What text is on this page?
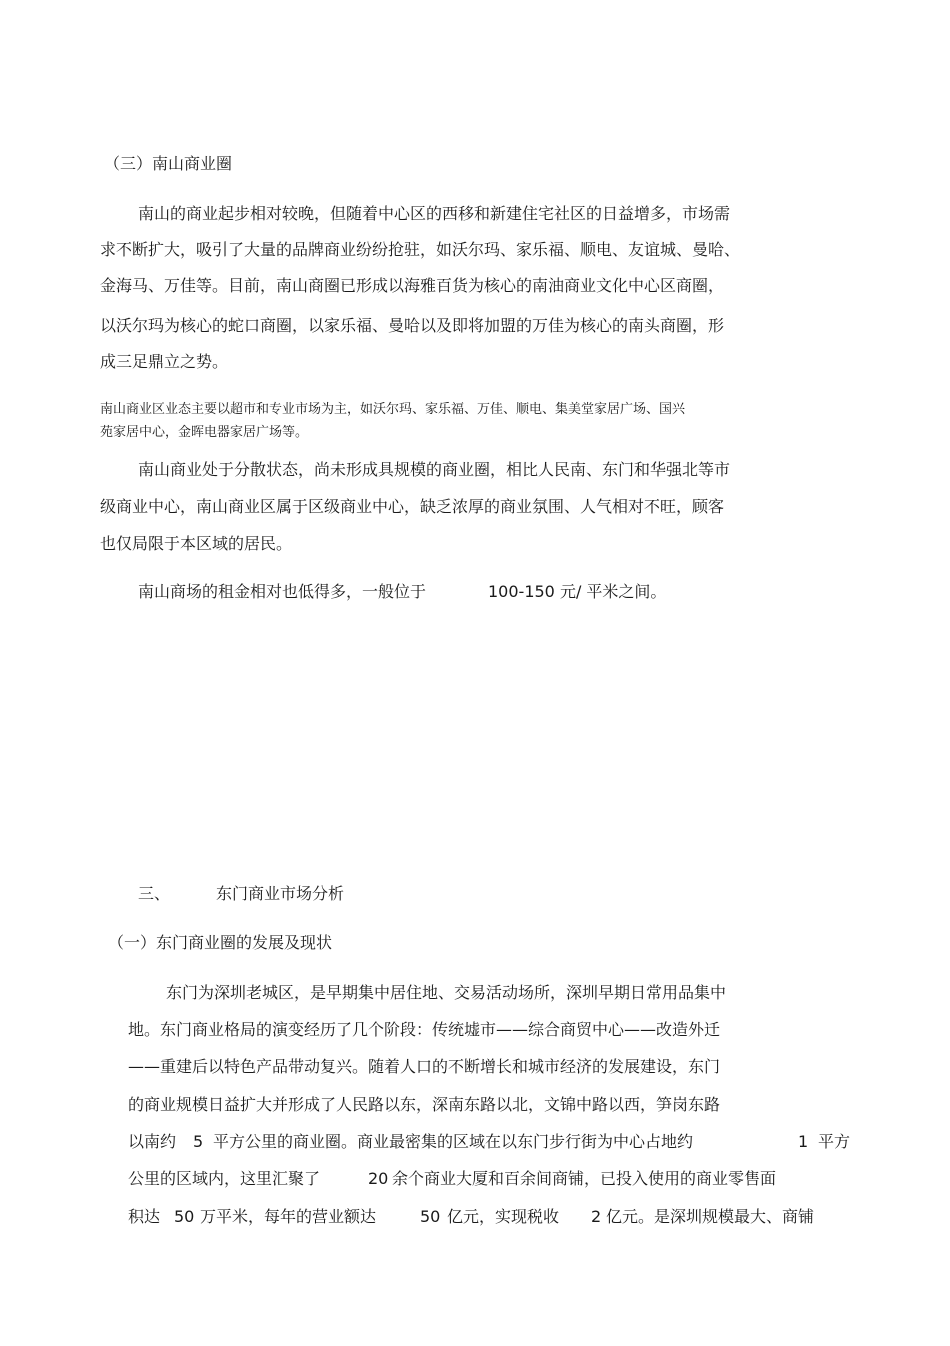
（三）南山商业圈
南山的商业起步相对较晚，但随着中心区的西移和新建住宅社区的日益增多，市场需
求不断扩大，吸引了大量的品牌商业纷纷抢驻，如沃尔玛、家乐福、顺电、友谊城、曼哈、
金海马、万佳等。目前，南山商圈已形成以海雅百货为核心的南油商业文化中心区商圈，
以沃尔玛为核心的蛇口商圈，以家乐福、曼哈以及即将加盟的万佳为核心的南头商圈，形
成三足鼎立之势。
南山商业区业态主要以超市和专业市场为主，如沃尔玛、家乐福、万佳、顺电、集美堂家居广场、国兴
苑家居中心，金晖电器家居广场等。
南山商业处于分散状态，尚未形成具规模的商业圈，相比人民南、东门和华强北等市
级商业中心，南山商业区属于区级商业中心，缺乏浓厚的商业氛围、人气相对不旺，顾客
也仅局限于本区域的居民。
南山商场的租金相对也低得多，一般位于	100-150 元/ 平米之间。
三、	东门商业市场分析
（一）东门商业圈的发展及现状
东门为深圳老城区，是早期集中居住地、交易活动场所，深圳早期日常用品集中
地。东门商业格局的演变经历了几个阶段：传统墟市——综合商贸中心——改造外迁
——重建后以特色产品带动复兴。随着人口的不断增长和城市经济的发展建设，东门
的商业规模日益扩大并形成了人民路以东，深南东路以北，文锦中路以西，笋岗东路
以南约 5 平方公里的商业圈。商业最密集的区域在以东门步行街为中心占地约	1 平方
公里的区域内，这里汇聚了	20 余个商业大厦和百余间商铺，已投入使用的商业零售面
积达 50 万平米，每年的营业额达	50 亿元，实现税收 2 亿元。是深圳规模最大、商铺
